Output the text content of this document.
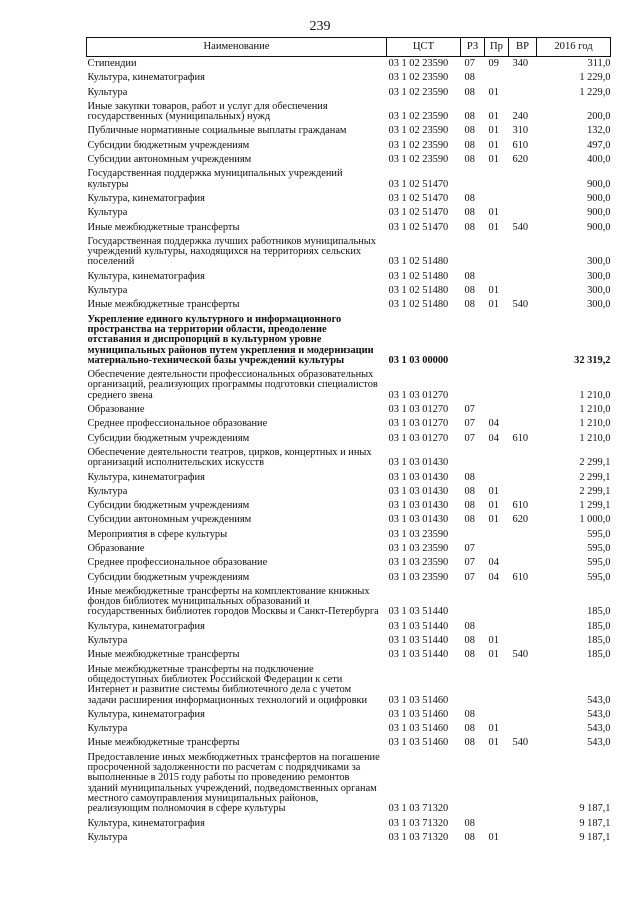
239
Наименование	ЦСТ	РЗ	Пр	ВР	2016 год
Стипендии	03 1 02 23590	07	09	340	311,0
Культура, кинематография	03 1 02 23590	08			1 229,0
Культура	03 1 02 23590	08	01		1 229,0
Иные закупки товаров, работ и услуг для обеспечения государственных (муниципальных) нужд	03 1 02 23590	08	01	240	200,0
Публичные нормативные социальные выплаты гражданам	03 1 02 23590	08	01	310	132,0
Субсидии бюджетным учреждениям	03 1 02 23590	08	01	610	497,0
Субсидии автономным учреждениям	03 1 02 23590	08	01	620	400,0
Государственная поддержка муниципальных учреждений культуры	03 1 02 51470				900,0
Культура, кинематография	03 1 02 51470	08			900,0
Культура	03 1 02 51470	08	01		900,0
Иные межбюджетные трансферты	03 1 02 51470	08	01	540	900,0
Государственная поддержка лучших работников муниципальных учреждений культуры, находящихся на территориях сельских поселений	03 1 02 51480				300,0
Культура, кинематография	03 1 02 51480	08			300,0
Культура	03 1 02 51480	08	01		300,0
Иные межбюджетные трансферты	03 1 02 51480	08	01	540	300,0
Укрепление единого культурного и информационного пространства на территории области, преодоление отставания и диспропорций в культурном уровне муниципальных районов путем укрепления и модернизации материально-технической базы учреждений культуры	03 1 03 00000				32 319,2
Обеспечение деятельности профессиональных образовательных организаций, реализующих программы подготовки специалистов среднего звена	03 1 03 01270				1 210,0
Образование	03 1 03 01270	07			1 210,0
Среднее профессиональное образование	03 1 03 01270	07	04		1 210,0
Субсидии бюджетным учреждениям	03 1 03 01270	07	04	610	1 210,0
Обеспечение деятельности театров, цирков, концертных и иных организаций исполнительских искусств	03 1 03 01430				2 299,1
Культура, кинематография	03 1 03 01430	08			2 299,1
Культура	03 1 03 01430	08	01		2 299,1
Субсидии бюджетным учреждениям	03 1 03 01430	08	01	610	1 299,1
Субсидии автономным учреждениям	03 1 03 01430	08	01	620	1 000,0
Мероприятия в сфере культуры	03 1 03 23590				595,0
Образование	03 1 03 23590	07			595,0
Среднее профессиональное образование	03 1 03 23590	07	04		595,0
Субсидии бюджетным учреждениям	03 1 03 23590	07	04	610	595,0
Иные межбюджетные трансферты на комплектование книжных фондов библиотек муниципальных образований и государственных библиотек городов Москвы и Санкт-Петербурга	03 1 03 51440				185,0
Культура, кинематография	03 1 03 51440	08			185,0
Культура	03 1 03 51440	08	01		185,0
Иные межбюджетные трансферты	03 1 03 51440	08	01	540	185,0
Иные межбюджетные трансферты на подключение общедоступных библиотек Российской Федерации к сети Интернет и развитие системы библиотечного дела с учетом задачи расширения информационных технологий и оцифровки	03 1 03 51460				543,0
Культура, кинематография	03 1 03 51460	08			543,0
Культура	03 1 03 51460	08	01		543,0
Иные межбюджетные трансферты	03 1 03 51460	08	01	540	543,0
Предоставление иных межбюджетных трансфертов на погашение просроченной задолженности по расчетам с подрядчиками за выполненные в 2015 году работы по проведению ремонтов зданий муниципальных учреждений, подведомственных органам местного самоуправления муниципальных районов, реализующим полномочия в сфере культуры	03 1 03 71320				9 187,1
Культура, кинематография	03 1 03 71320	08			9 187,1
Культура	03 1 03 71320	08	01		9 187,1
